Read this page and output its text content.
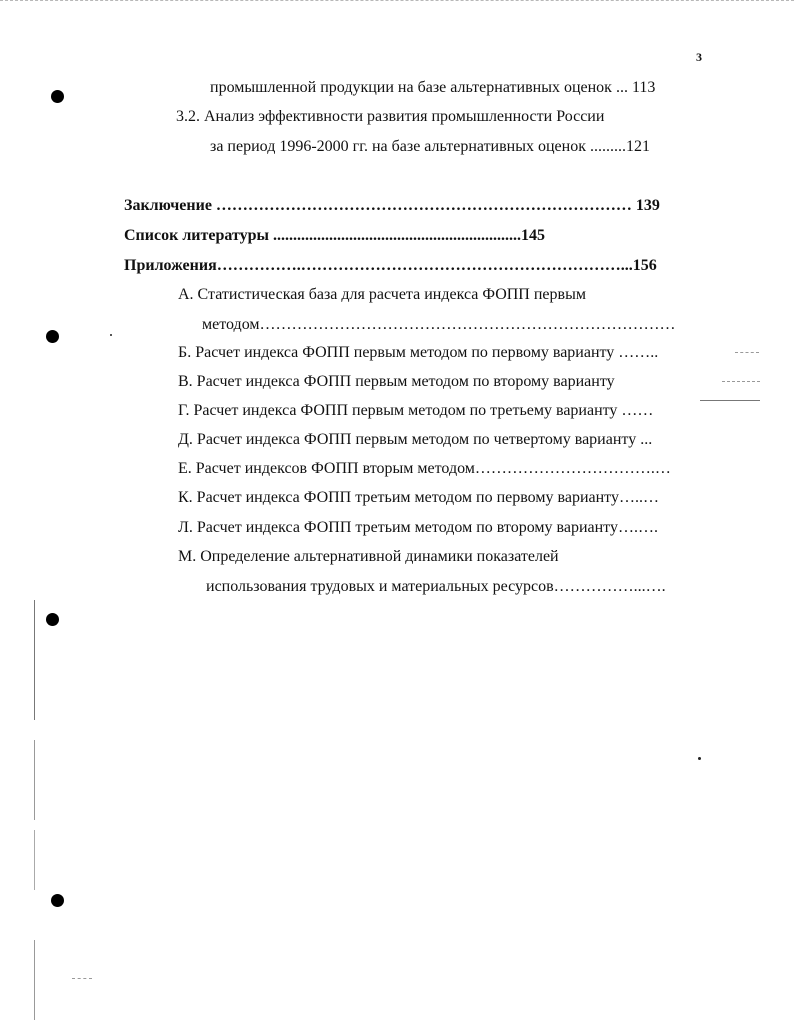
3
промышленной продукции на базе альтернативных оценок ... 113
3.2. Анализ эффективности развития промышленности России
за период 1996-2000 гг. на базе альтернативных оценок .........121
Заключение …………………………………………………………………… 139
Список литературы ..............................................................145
Приложения…………….……………………………………………………...156
А. Статистическая база для расчета индекса ФОПП первым
методом……………………………………………………………………
Б. Расчет индекса ФОПП первым методом по первому варианту ……..
В. Расчет индекса ФОПП первым методом по второму варианту
Г. Расчет индекса ФОПП первым методом по третьему варианту ……
Д. Расчет индекса ФОПП первым методом по четвертому варианту ...
Е. Расчет индексов ФОПП вторым методом…………………………….…
К. Расчет индекса ФОПП третьим методом по первому варианту…..…
Л. Расчет индекса ФОПП третьим методом по второму варианту….….
М. Определение альтернативной динамики показателей
использования трудовых и материальных ресурсов……………...….
